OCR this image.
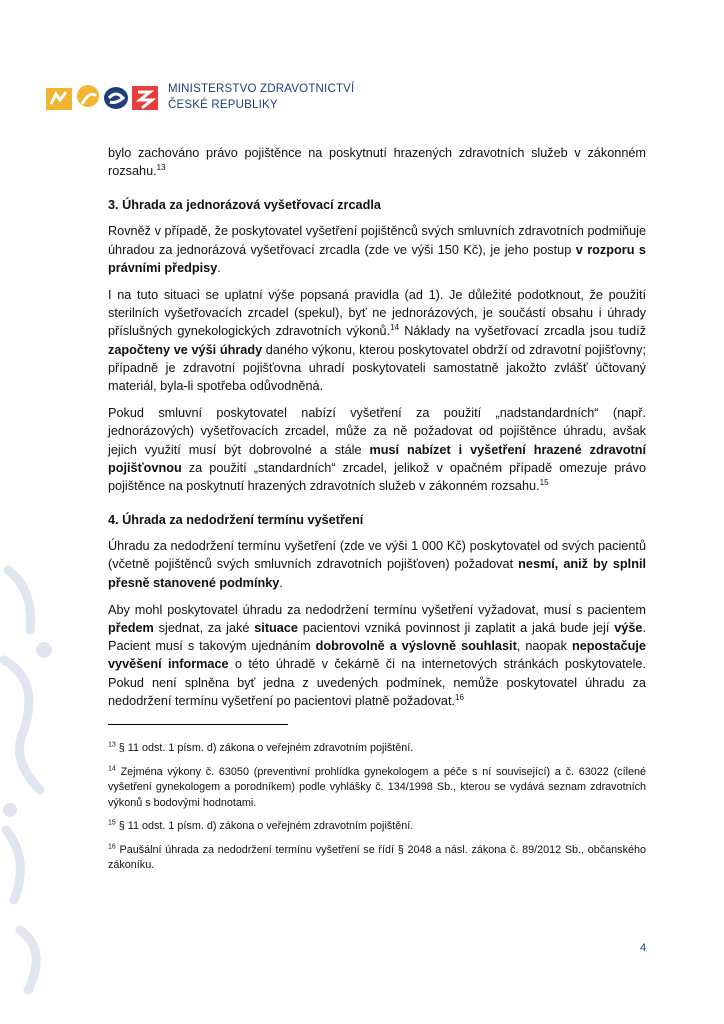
MINISTERSTVO ZDRAVOTNICTVÍ
ČESKÉ REPUBLIKY

bylo zachováno právo pojištěnce na poskytnutí hrazených zdravotních služeb v zákonném rozsahu.$^{13}$

3. Úhrada za jednorázová vyšetřovací zrcadla

Rovněž v případě, že poskytovatel vyšetření pojištěnců svých smluvních zdravotních podmiňuje úhradou za jednorázová vyšetřovací zrcadla (zde ve výši 150 Kč), je jeho postup v rozporu s právními předpisy.

I na tuto situaci se uplatní výše popsaná pravidla (ad 1). Je důležité podotknout, že použití sterilních vyšetřovacích zrcadel (spekul), byť ne jednorázových, je součástí obsahu i úhrady příslušných gynekologických zdravotních výkonů.$^{14}$ Náklady na vyšetřovací zrcadla jsou tudíž započteny ve výši úhrady daného výkonu, kterou poskytovatel obdrží od zdravotní pojišťovny; případně je zdravotní pojišťovna uhradí poskytovateli samostatně jakožto zvlášť účtovaný materiál, byla-li spotřeba odůvodněná.

Pokud smluvní poskytovatel nabízí vyšetření za použití „nadstandardních“ (např. jednorázových) vyšetřovacích zrcadel, může za ně požadovat od pojištěnce úhradu, avšak jejich využití musí být dobrovolné a stále musí nabízet i vyšetření hrazené zdravotní pojišťovnou za použití „standardních“ zrcadel, jelikož v opačném případě omezuje právo pojištěnce na poskytnutí hrazených zdravotních služeb v zákonném rozsahu.$^{15}$

4. Úhrada za nedodržení termínu vyšetření

Úhradu za nedodržení termínu vyšetření (zde ve výši 1 000 Kč) poskytovatel od svých pacientů (včetně pojištěnců svých smluvních zdravotních pojišťoven) požadovat nesmí, aniž by splnil přesně stanovené podmínky.

Aby mohl poskytovatel úhradu za nedodržení termínu vyšetření vyžadovat, musí s pacientem předem sjednat, za jaké situace pacientovi vzniká povinnost ji zaplatit a jaká bude její výše. Pacient musí s takovým ujednáním dobrovolně a výslovně souhlasit, naopak nepostačuje vyvěšení informace o této úhradě v čekárně či na internetových stránkách poskytovatele. Pokud není splněna byť jedna z uvedených podmínek, nemůže poskytovatel úhradu za nedodržení termínu vyšetření po pacientovi platně požadovat.$^{16}$

$^{13}$ § 11 odst. 1 písm. d) zákona o veřejném zdravotním pojištění.

$^{14}$ Zejména výkony č. 63050 (preventivní prohlídka gynekologem a péče s ní související) a č. 63022 (cílené vyšetření gynekologem a porodníkem) podle vyhlášky č. 134/1998 Sb., kterou se vydává seznam zdravotních výkonů s bodovými hodnotami.

$^{15}$ § 11 odst. 1 písm. d) zákona o veřejném zdravotním pojištění.

$^{16}$ Paušální úhrada za nedodržení termínu vyšetření se řídí § 2048 a násl. zákona č. 89/2012 Sb., občanského zákoníku.

4
